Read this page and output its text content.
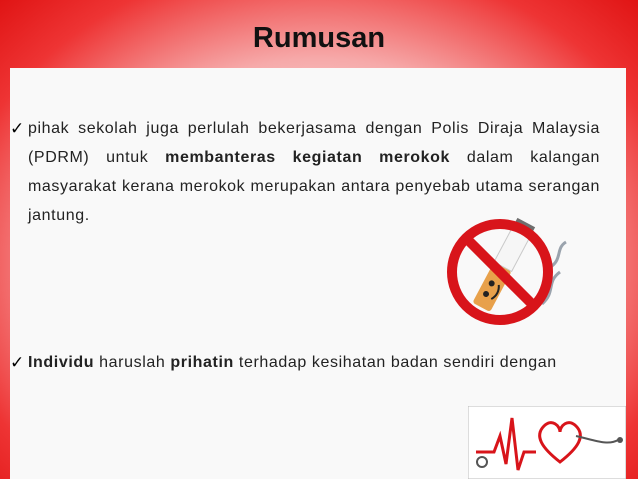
Rumusan
✓ pihak sekolah juga perlulah bekerjasama dengan Polis Diraja Malaysia (PDRM) untuk membanteras kegiatan merokok dalam kalangan masyarakat kerana merokok merupakan antara penyebab utama serangan jantung.

✓ Individu haruslah prihatin terhadap kesihatan badan sendiri dengan
